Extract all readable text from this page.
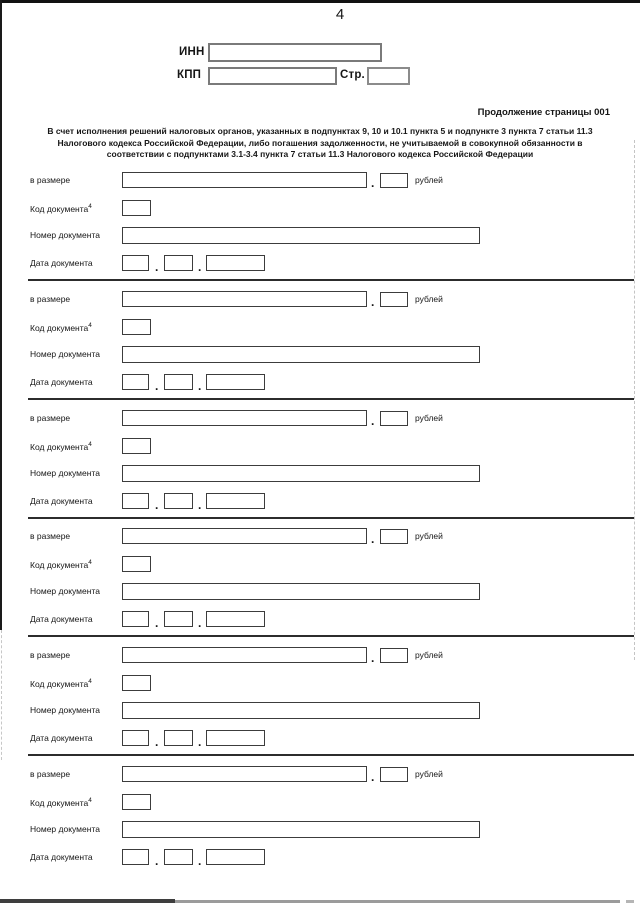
4
ИНН
КПП	Стр.
Продолжение страницы 001
В счет исполнения решений налоговых органов, указанных в подпунктах 9, 10 и 10.1 пункта 5 и подпункте 3 пункта 7 статьи 11.3
Налогового кодекса Российской Федерации, либо погашения задолженности, не учитываемой в совокупной обязанности в
соответствии с подпунктами 3.1-3.4 пункта 7 статьи 11.3 Налогового кодекса Российской Федерации
в размере	.	рублей
Код документа$^4$
Номер документа
Дата документа	.	.
в размере	.	рублей
Код документа$^4$
Номер документа
Дата документа	.	.
в размере	.	рублей
Код документа$^4$
Номер документа
Дата документа	.	.
в размере	.	рублей
Код документа$^4$
Номер документа
Дата документа	.	.
в размере	.	рублей
Код документа$^4$
Номер документа
Дата документа	.	.
в размере	.	рублей
Код документа$^4$
Номер документа
Дата документа	.	.
